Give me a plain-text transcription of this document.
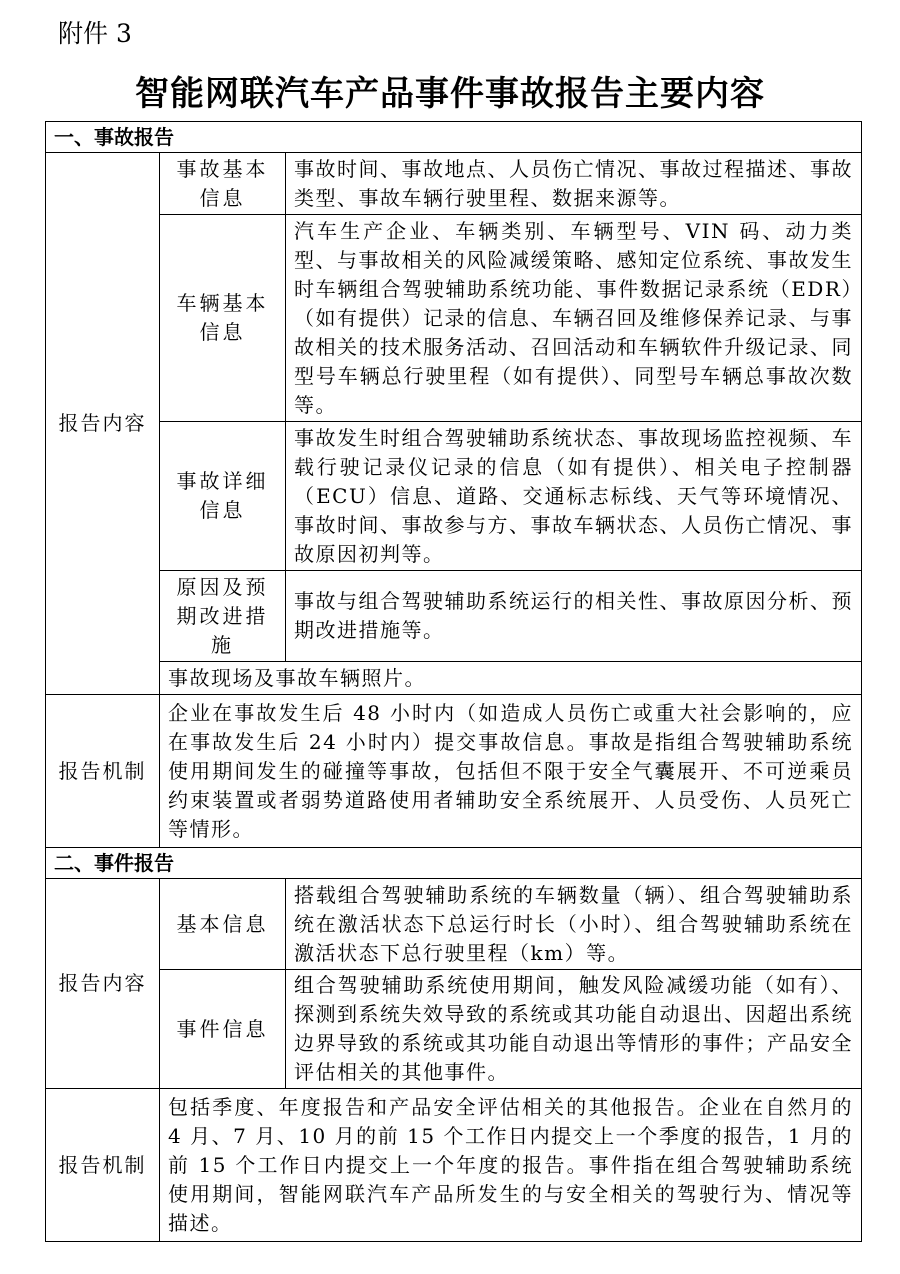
附件 3
智能网联汽车产品事件事故报告主要内容
一、事故报告		
报告内容	事故基本信息	事故时间、事故地点、人员伤亡情况、事故过程描述、事故类型、事故车辆行驶里程、数据来源等。
	车辆基本信息	汽车生产企业、车辆类别、车辆型号、VIN 码、动力类型、与事故相关的风险减缓策略、感知定位系统、事故发生时车辆组合驾驶辅助系统功能、事件数据记录系统（EDR）（如有提供）记录的信息、车辆召回及维修保养记录、与事故相关的技术服务活动、召回活动和车辆软件升级记录、同型号车辆总行驶里程（如有提供）、同型号车辆总事故次数等。
	事故详细信息	事故发生时组合驾驶辅助系统状态、事故现场监控视频、车载行驶记录仪记录的信息（如有提供）、相关电子控制器（ECU）信息、道路、交通标志标线、天气等环境情况、事故时间、事故参与方、事故车辆状态、人员伤亡情况、事故原因初判等。
	原因及预期改进措施	事故与组合驾驶辅助系统运行的相关性、事故原因分析、预期改进措施等。
	事故现场及事故车辆照片。	
报告机制	企业在事故发生后 48 小时内（如造成人员伤亡或重大社会影响的，应在事故发生后 24 小时内）提交事故信息。事故是指组合驾驶辅助系统使用期间发生的碰撞等事故，包括但不限于安全气囊展开、不可逆乘员约束装置或者弱势道路使用者辅助安全系统展开、人员受伤、人员死亡等情形。	
二、事件报告		
报告内容	基本信息	搭载组合驾驶辅助系统的车辆数量（辆）、组合驾驶辅助系统在激活状态下总运行时长（小时）、组合驾驶辅助系统在激活状态下总行驶里程（km）等。
	事件信息	组合驾驶辅助系统使用期间，触发风险减缓功能（如有）、探测到系统失效导致的系统或其功能自动退出、因超出系统边界导致的系统或其功能自动退出等情形的事件；产品安全评估相关的其他事件。
报告机制	包括季度、年度报告和产品安全评估相关的其他报告。企业在自然月的 4 月、7 月、10 月的前 15 个工作日内提交上一个季度的报告，1 月的前 15 个工作日内提交上一个年度的报告。事件指在组合驾驶辅助系统使用期间，智能网联汽车产品所发生的与安全相关的驾驶行为、情况等描述。	
